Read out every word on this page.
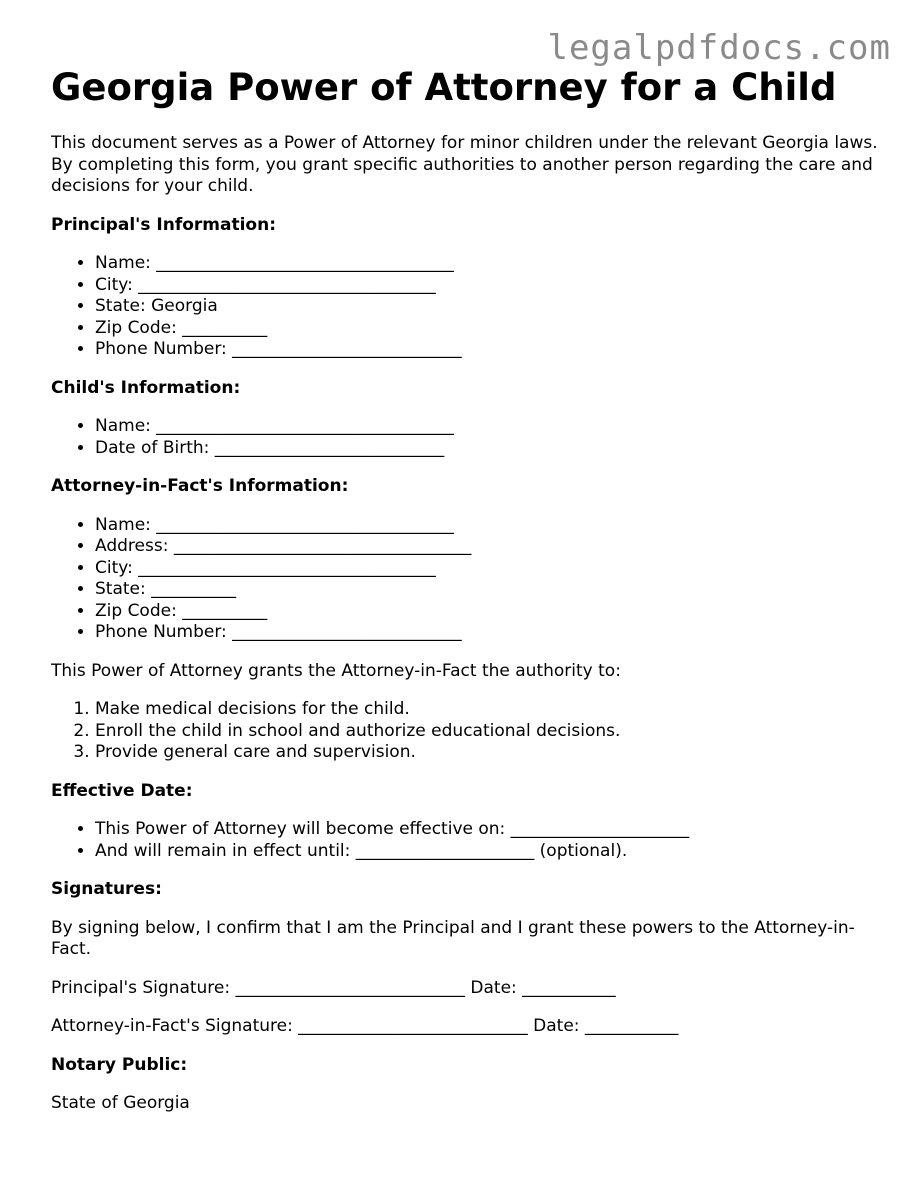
legalpdfdocs.com
Georgia Power of Attorney for a Child

This document serves as a Power of Attorney for minor children under the relevant Georgia laws. By completing this form, you grant specific authorities to another person regarding the care and decisions for your child.

Principal's Information:

• Name: ___________________________________
• City: ___________________________________
• State: Georgia
• Zip Code: __________
• Phone Number: ___________________________

Child's Information:

• Name: ___________________________________
• Date of Birth: ___________________________

Attorney-in-Fact's Information:

• Name: ___________________________________
• Address: ___________________________________
• City: ___________________________________
• State: __________
• Zip Code: __________
• Phone Number: ___________________________

This Power of Attorney grants the Attorney-in-Fact the authority to:

1. Make medical decisions for the child.
2. Enroll the child in school and authorize educational decisions.
3. Provide general care and supervision.

Effective Date:

• This Power of Attorney will become effective on: _____________________
• And will remain in effect until: _____________________ (optional).

Signatures:

By signing below, I confirm that I am the Principal and I grant these powers to the Attorney-in-Fact.

Principal's Signature: ___________________________ Date: ___________

Attorney-in-Fact's Signature: ___________________________ Date: ___________

Notary Public:

State of Georgia
